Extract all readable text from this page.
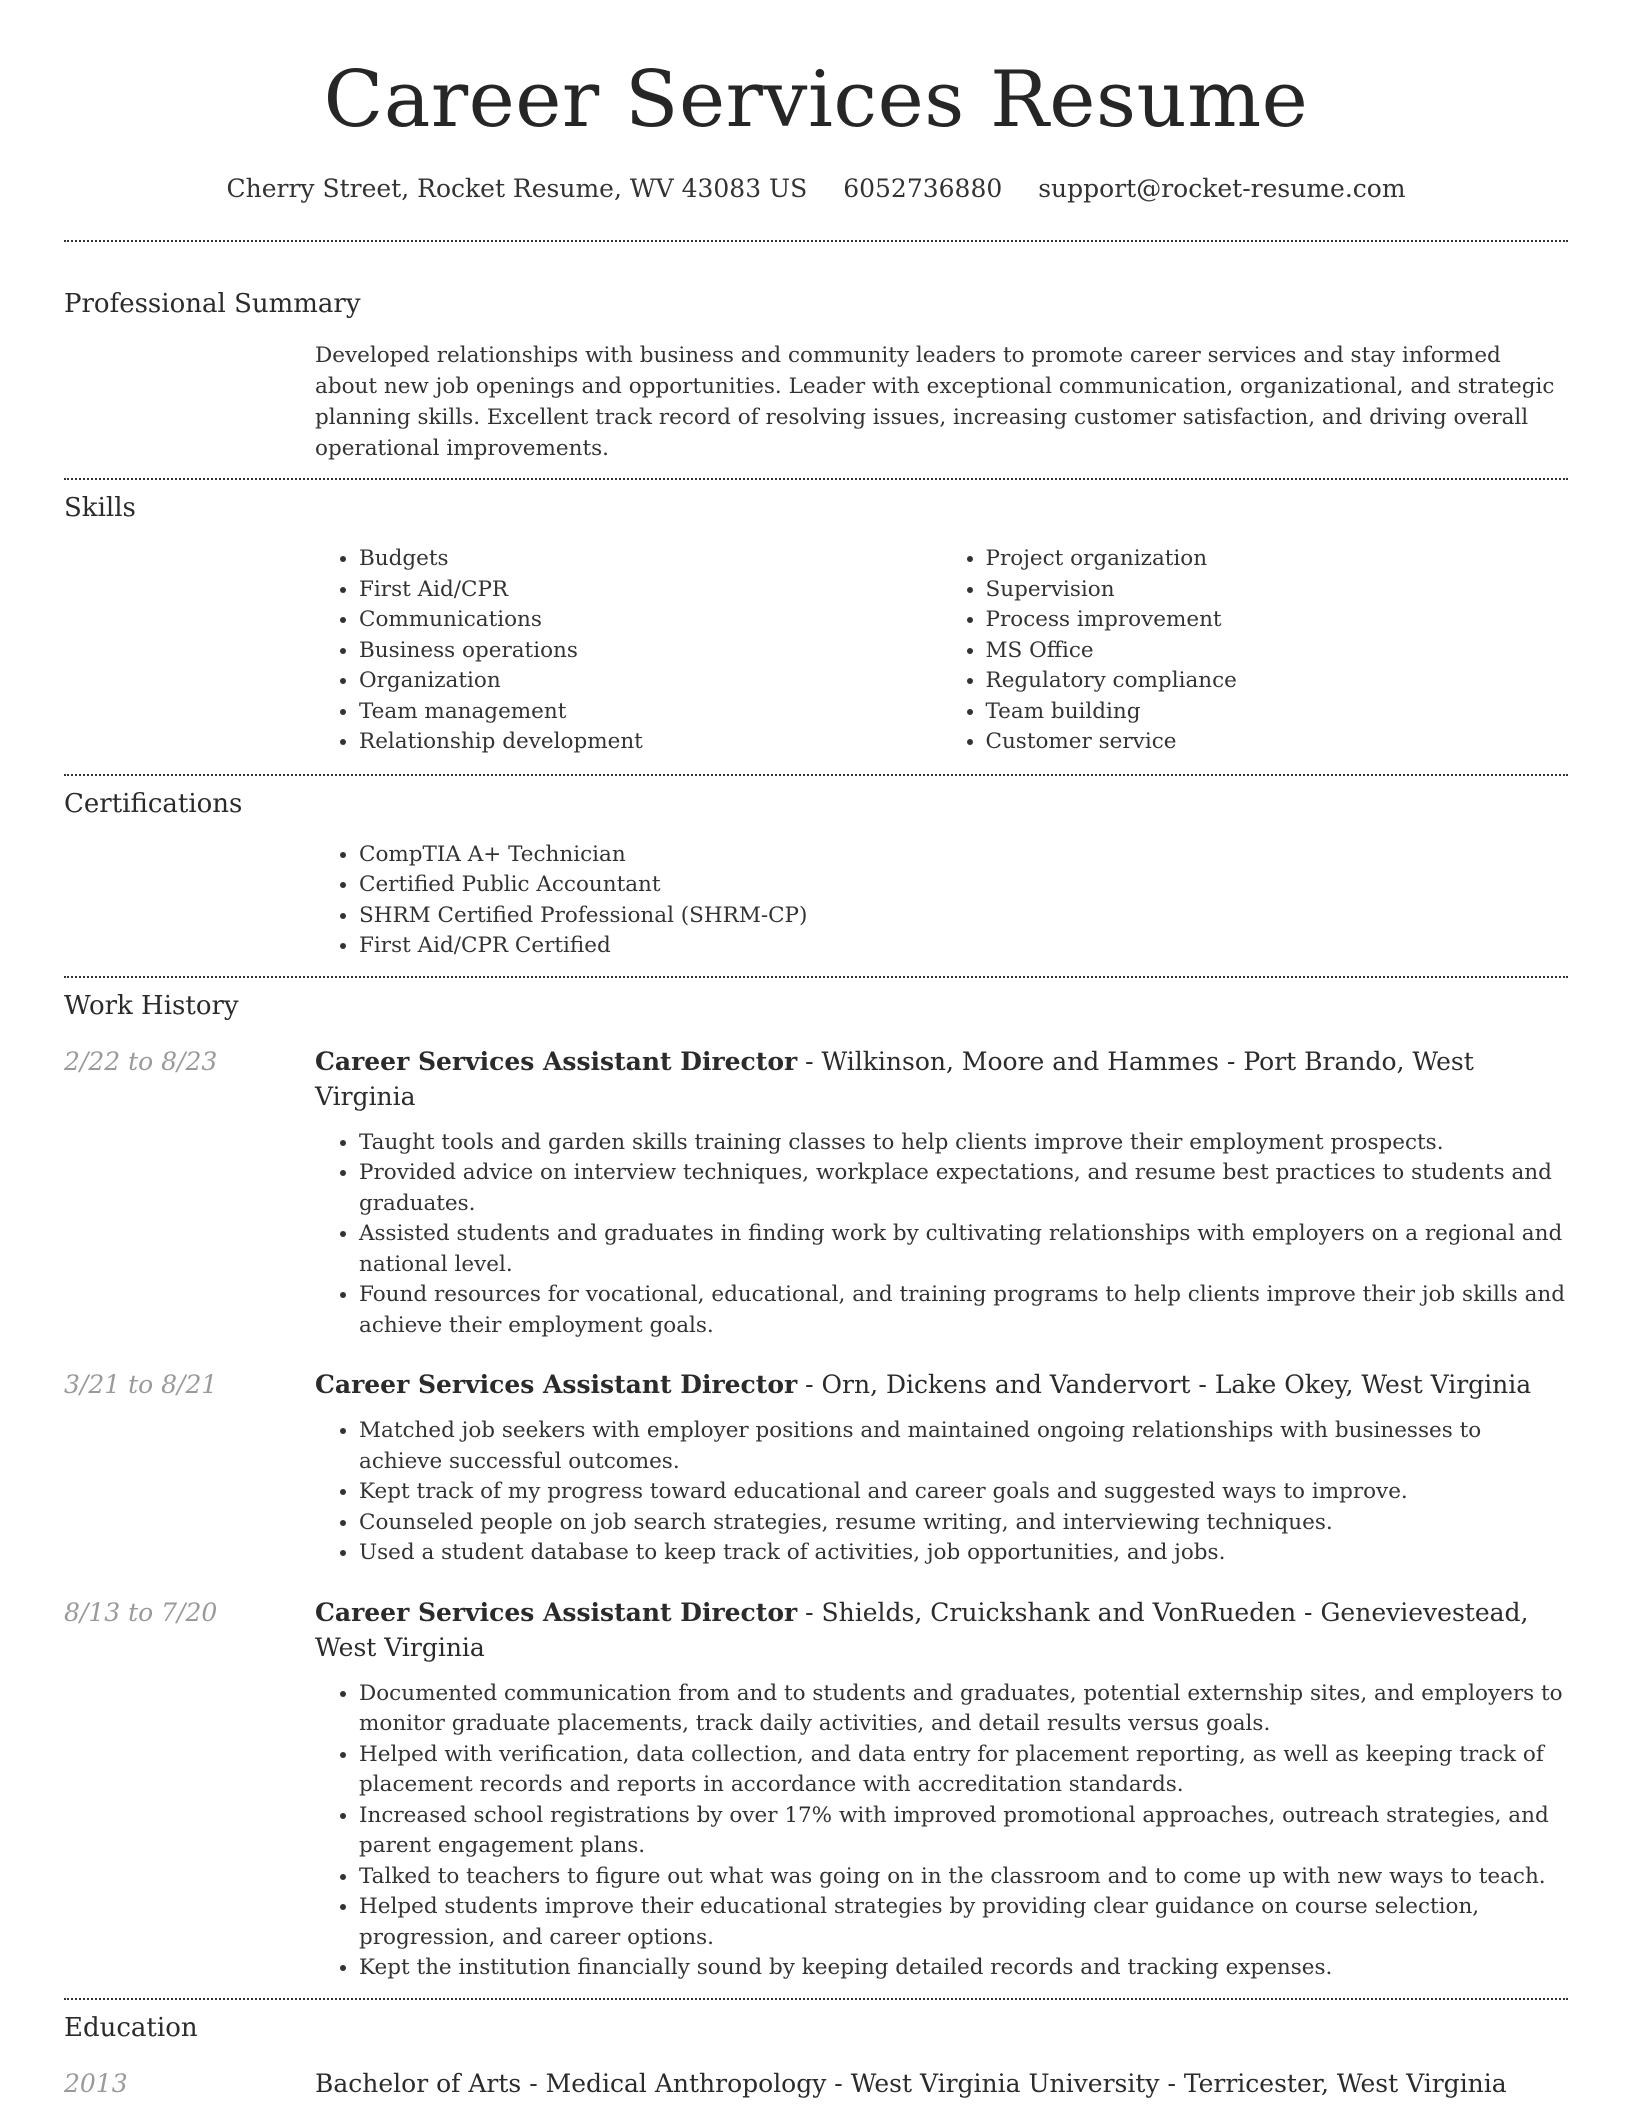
Career Services Resume
Cherry Street, Rocket Resume, WV 43083 US 6052736880 support@rocket-resume.com
Professional Summary

Developed relationships with business and community leaders to promote career services and stay informed about new job openings and opportunities. Leader with exceptional communication, organizational, and strategic planning skills. Excellent track record of resolving issues, increasing customer satisfaction, and driving overall operational improvements.

Skills
• Budgets
• First Aid/CPR
• Communications
• Business operations
• Organization
• Team management
• Relationship development
• Project organization
• Supervision
• Process improvement
• MS Office
• Regulatory compliance
• Team building
• Customer service
Certifications
• CompTIA A+ Technician
• Certified Public Accountant
• SHRM Certified Professional (SHRM-CP)
• First Aid/CPR Certified
Work History
2/22 to 8/23	Career Services Assistant Director - Wilkinson, Moore and Hammes - Port Brando, West Virginia

• Taught tools and garden skills training classes to help clients improve their employment prospects.
• Provided advice on interview techniques, workplace expectations, and resume best practices to students and graduates.
• Assisted students and graduates in finding work by cultivating relationships with employers on a regional and national level.
• Found resources for vocational, educational, and training programs to help clients improve their job skills and achieve their employment goals.
3/21 to 8/21	Career Services Assistant Director - Orn, Dickens and Vandervort - Lake Okey, West Virginia

• Matched job seekers with employer positions and maintained ongoing relationships with businesses to achieve successful outcomes.
• Kept track of my progress toward educational and career goals and suggested ways to improve.
• Counseled people on job search strategies, resume writing, and interviewing techniques.
• Used a student database to keep track of activities, job opportunities, and jobs.
8/13 to 7/20	Career Services Assistant Director - Shields, Cruickshank and VonRueden - Genevievestead, West Virginia

• Documented communication from and to students and graduates, potential externship sites, and employers to monitor graduate placements, track daily activities, and detail results versus goals.
• Helped with verification, data collection, and data entry for placement reporting, as well as keeping track of placement records and reports in accordance with accreditation standards.
• Increased school registrations by over 17% with improved promotional approaches, outreach strategies, and parent engagement plans.
• Talked to teachers to figure out what was going on in the classroom and to come up with new ways to teach.
• Helped students improve their educational strategies by providing clear guidance on course selection, progression, and career options.
• Kept the institution financially sound by keeping detailed records and tracking expenses.
Education
2013	Bachelor of Arts - Medical Anthropology - West Virginia University - Terricester, West Virginia
